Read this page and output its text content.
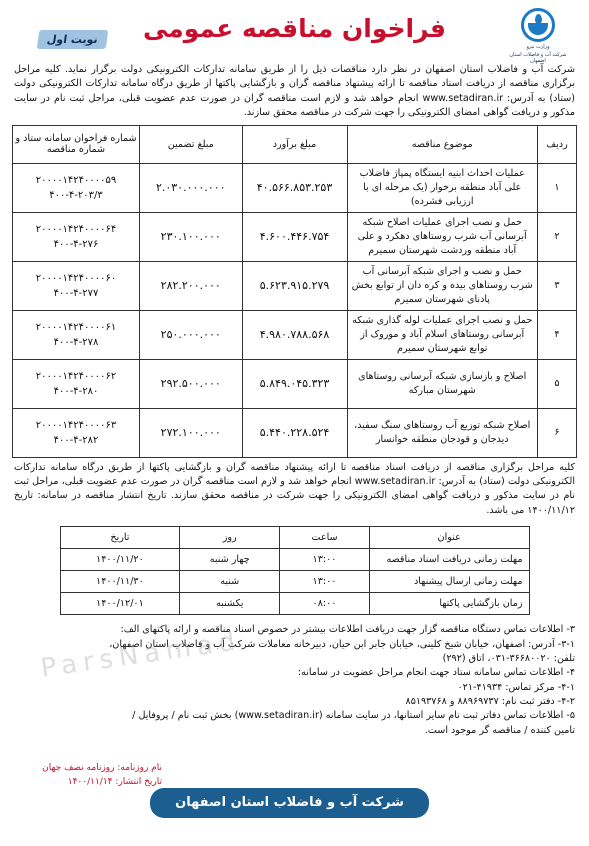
وزارت نیرو
شرکت آب و فاضلاب استان اصفهان
فراخوان مناقصه عمومی
نوبت اول

شرکت آب و فاضلاب استان اصفهان در نظر دارد مناقصات ذیل را از طریق سامانه تدارکات الکترونیکی دولت برگزار نماید. کلیه مراحل برگزاری مناقصه از دریافت اسناد مناقصه تا ارائه پیشنهاد مناقصه گران و بازگشایی پاکتها از طریق درگاه سامانه تدارکات الکترونیکی دولت (ستاد) به آدرس: www.setadiran.ir انجام خواهد شد و لازم است مناقصه گران در صورت عدم عضویت قبلی، مراحل ثبت نام در سایت مذکور و دریافت گواهی امضای الکترونیکی را جهت شرکت در مناقصه محقق سازند.

ردیف	موضوع مناقصه	مبلغ برآورد	مبلغ تضمین	شماره فراخوان سامانه ستاد و شماره مناقصه
۱	عملیات احداث ابنیه ایستگاه پمپاژ فاضلاب علی آباد منطقه برخوار (یک مرحله ای با ارزیابی فشرده)	۴۰.۵۶۶.۸۵۳.۲۵۳	۲.۰۳۰.۰۰۰.۰۰۰	۲۰۰۰۰۱۴۲۴۰۰۰۰۵۹
۴۰۰-۴-۲۰۳/۳

۲	حمل و نصب اجرای عملیات اصلاح شبکه آبرسانی آب شرب روستاهای دهکرد و علی آباد منطقه وردشت شهرستان سمیرم	۴.۶۰۰.۴۴۶.۷۵۴	۲۳۰.۱۰۰.۰۰۰	۲۰۰۰۰۱۴۲۴۰۰۰۰۶۴
۴۰۰-۴-۲۷۶

۳	حمل و نصب و اجرای شبکه آبرسانی آب شرب روستاهای بیده و کره دان از توابع بخش پادنای شهرستان سمیرم	۵.۶۲۳.۹۱۵.۲۷۹	۲۸۲.۲۰۰.۰۰۰	۲۰۰۰۰۱۴۲۴۰۰۰۰۶۰
۴۰۰-۴-۲۷۷

۴	حمل و نصب اجرای عملیات لوله گذاری شبکه آبرسانی روستاهای اسلام آباد و موروک از توابع شهرستان سمیرم	۴.۹۸۰.۷۸۸.۵۶۸	۲۵۰.۰۰۰.۰۰۰	۲۰۰۰۰۱۴۲۴۰۰۰۰۶۱
۴۰۰-۴-۲۷۸

۵	اصلاح و بازسازی شبکه آبرسانی روستاهای شهرستان مبارکه	۵.۸۴۹.۰۴۵.۳۲۳	۲۹۲.۵۰۰.۰۰۰	۲۰۰۰۰۱۴۲۴۰۰۰۰۶۲
۴۰۰-۴-۲۸۰

۶	اصلاح شبکه توزیع آب روستاهای سنگ سفید، دیدجان و قودجان منطقه خوانسار	۵.۴۴۰.۲۲۸.۵۲۴	۲۷۲.۱۰۰.۰۰۰	۲۰۰۰۰۱۴۲۴۰۰۰۰۶۳
۴۰۰-۴-۲۸۲

کلیه مراحل برگزاری مناقصه از دریافت اسناد مناقصه تا ارائه پیشنهاد مناقصه گران و بازگشایی پاکتها از طریق درگاه سامانه تدارکات الکترونیکی دولت (ستاد) به آدرس: www.setadiran.ir انجام خواهد شد و لازم است مناقصه گران در صورت عدم عضویت قبلی، مراحل ثبت نام در سایت مذکور و دریافت گواهی امضای الکترونیکی را جهت شرکت در مناقصه محقق سازند. تاریخ انتشار مناقصه در سامانه: تاریخ ۱۴۰۰/۱۱/۱۲ می باشد.

عنوان	ساعت	روز	تاریخ
مهلت زمانی دریافت اسناد مناقصه	۱۳:۰۰	چهار شنبه	۱۴۰۰/۱۱/۲۰
مهلت زمانی ارسال پیشنهاد	۱۳:۰۰	شنبه	۱۴۰۰/۱۱/۳۰
زمان بازگشایی پاکتها	۰۸:۰۰	یکشنبه	۱۴۰۰/۱۲/۰۱
۳- اطلاعات تماس دستگاه مناقصه گزار جهت دریافت اطلاعات بیشتر در خصوص اسناد مناقصه و ارائه پاکتهای الف:
۳-۱- آدرس: اصفهان، خیابان شیخ کلینی، خیابان جابر ابن حیان، دبیرخانه معاملات شرکت آب و فاضلاب استان اصفهان،
تلفن: ۳۶۶۸۰۰۲۰-۰۳۱، اتاق (۲۹۲)
۴- اطلاعات تماس سامانه ستاد جهت انجام مراحل عضویت در سامانه:
۴-۱- مرکز تماس: ۴۱۹۳۴-۰۲۱
۴-۲- دفتر ثبت نام: ۸۸۹۶۹۷۳۷ و ۸۵۱۹۳۷۶۸
۵- اطلاعات تماس دفاتر ثبت نام سایر استانها، در سایت سامانه (www.setadiran.ir) بخش ثبت نام / پروفایل /
تامین کننده / مناقصه گر موجود است.
ParsNamad
نام روزنامه: روزنامه نصف جهان
تاریخ انتشار: ۱۴۰۰/۱۱/۱۴
شرکت آب و فاضلاب استان اصفهان
